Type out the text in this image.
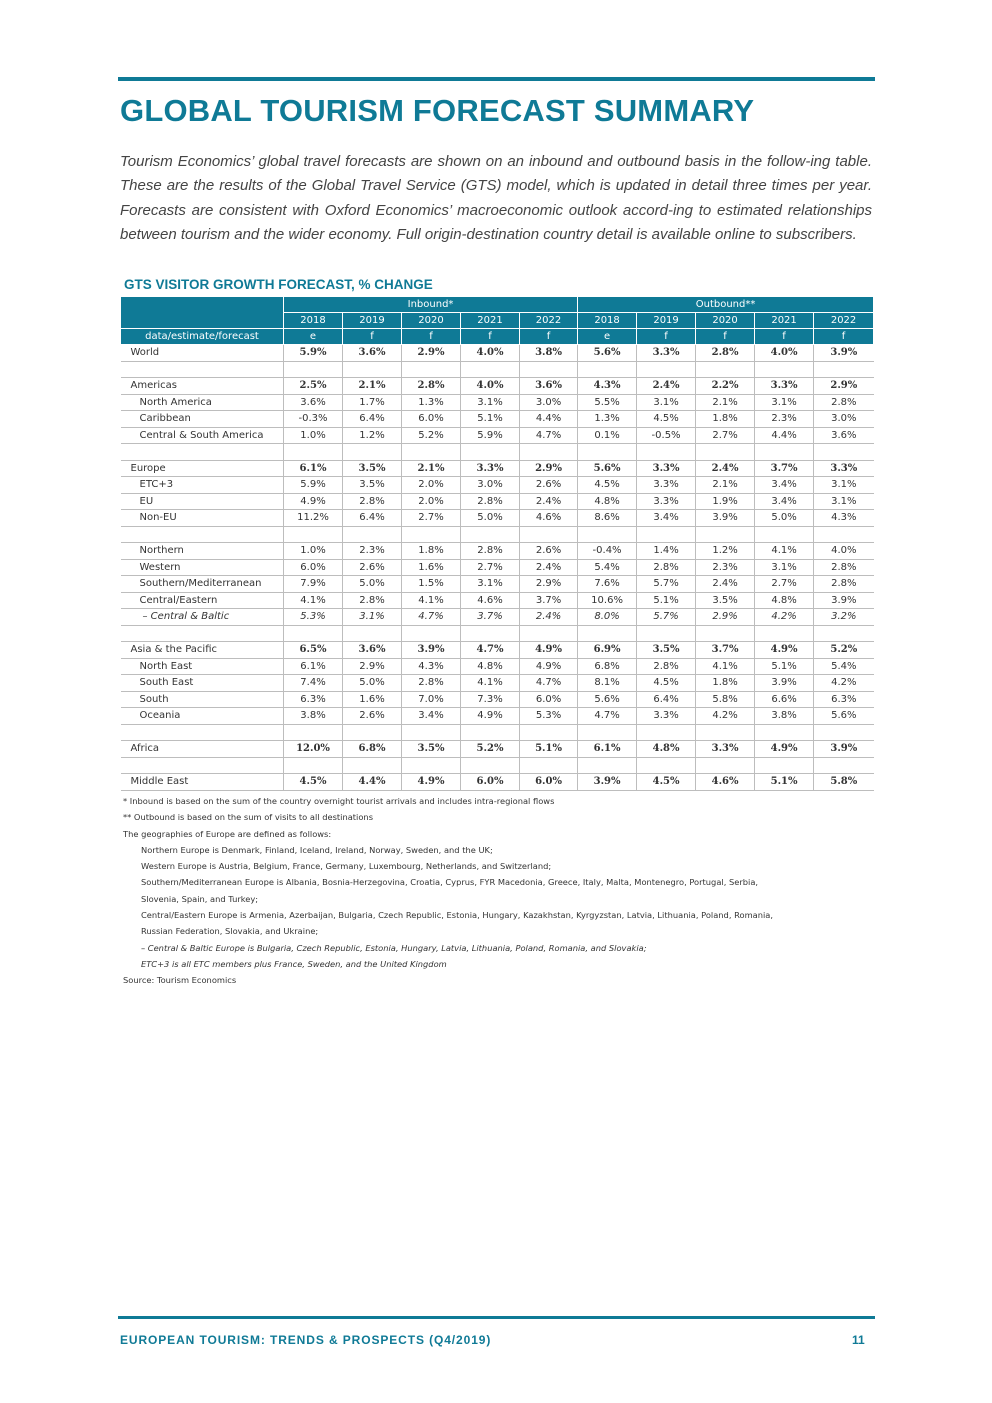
GLOBAL TOURISM FORECAST SUMMARY

Tourism Economics’ global travel forecasts are shown on an inbound and outbound basis in the follow-ing table. These are the results of the Global Travel Service (GTS) model, which is updated in detail three times per year. Forecasts are consistent with Oxford Economics’ macroeconomic outlook accord-ing to estimated relationships between tourism and the wider economy. Full origin-destination country detail is available online to subscribers.

GTS VISITOR GROWTH FORECAST, % CHANGE
	Inbound*					Outbound**				
	2018	2019	2020	2021	2022	2018	2019	2020	2021	2022
data/estimate/forecast	e	f	f	f	f	e	f	f	f	f
World	5.9%	3.6%	2.9%	4.0%	3.8%	5.6%	3.3%	2.8%	4.0%	3.9%

Americas	2.5%	2.1%	2.8%	4.0%	3.6%	4.3%	2.4%	2.2%	3.3%	2.9%
North America	3.6%	1.7%	1.3%	3.1%	3.0%	5.5%	3.1%	2.1%	3.1%	2.8%
Caribbean	-0.3%	6.4%	6.0%	5.1%	4.4%	1.3%	4.5%	1.8%	2.3%	3.0%
Central & South America	1.0%	1.2%	5.2%	5.9%	4.7%	0.1%	-0.5%	2.7%	4.4%	3.6%

Europe	6.1%	3.5%	2.1%	3.3%	2.9%	5.6%	3.3%	2.4%	3.7%	3.3%
ETC+3	5.9%	3.5%	2.0%	3.0%	2.6%	4.5%	3.3%	2.1%	3.4%	3.1%
EU	4.9%	2.8%	2.0%	2.8%	2.4%	4.8%	3.3%	1.9%	3.4%	3.1%
Non-EU	11.2%	6.4%	2.7%	5.0%	4.6%	8.6%	3.4%	3.9%	5.0%	4.3%

Northern	1.0%	2.3%	1.8%	2.8%	2.6%	-0.4%	1.4%	1.2%	4.1%	4.0%
Western	6.0%	2.6%	1.6%	2.7%	2.4%	5.4%	2.8%	2.3%	3.1%	2.8%
Southern/Mediterranean	7.9%	5.0%	1.5%	3.1%	2.9%	7.6%	5.7%	2.4%	2.7%	2.8%
Central/Eastern	4.1%	2.8%	4.1%	4.6%	3.7%	10.6%	5.1%	3.5%	4.8%	3.9%
– Central & Baltic	5.3%	3.1%	4.7%	3.7%	2.4%	8.0%	5.7%	2.9%	4.2%	3.2%

Asia & the Pacific	6.5%	3.6%	3.9%	4.7%	4.9%	6.9%	3.5%	3.7%	4.9%	5.2%
North East	6.1%	2.9%	4.3%	4.8%	4.9%	6.8%	2.8%	4.1%	5.1%	5.4%
South East	7.4%	5.0%	2.8%	4.1%	4.7%	8.1%	4.5%	1.8%	3.9%	4.2%
South	6.3%	1.6%	7.0%	7.3%	6.0%	5.6%	6.4%	5.8%	6.6%	6.3%
Oceania	3.8%	2.6%	3.4%	4.9%	5.3%	4.7%	3.3%	4.2%	3.8%	5.6%

Africa	12.0%	6.8%	3.5%	5.2%	5.1%	6.1%	4.8%	3.3%	4.9%	3.9%

Middle East	4.5%	4.4%	4.9%	6.0%	6.0%	3.9%	4.5%	4.6%	5.1%	5.8%
* Inbound is based on the sum of the country overnight tourist arrivals and includes intra-regional flows
** Outbound is based on the sum of visits to all destinations
The geographies of Europe are defined as follows:
Northern Europe is Denmark, Finland, Iceland, Ireland, Norway, Sweden, and the UK;
Western Europe is Austria, Belgium, France, Germany, Luxembourg, Netherlands, and Switzerland;
Southern/Mediterranean Europe is Albania, Bosnia-Herzegovina, Croatia, Cyprus, FYR Macedonia, Greece, Italy, Malta, Montenegro, Portugal, Serbia,
Slovenia, Spain, and Turkey;
Central/Eastern Europe is Armenia, Azerbaijan, Bulgaria, Czech Republic, Estonia, Hungary, Kazakhstan, Kyrgyzstan, Latvia, Lithuania, Poland, Romania,
Russian Federation, Slovakia, and Ukraine;
– Central & Baltic Europe is Bulgaria, Czech Republic, Estonia, Hungary, Latvia, Lithuania, Poland, Romania, and Slovakia;
ETC+3 is all ETC members plus France, Sweden, and the United Kingdom
Source: Tourism Economics
EUROPEAN TOURISM: TRENDS & PROSPECTS (Q4/2019)	11
